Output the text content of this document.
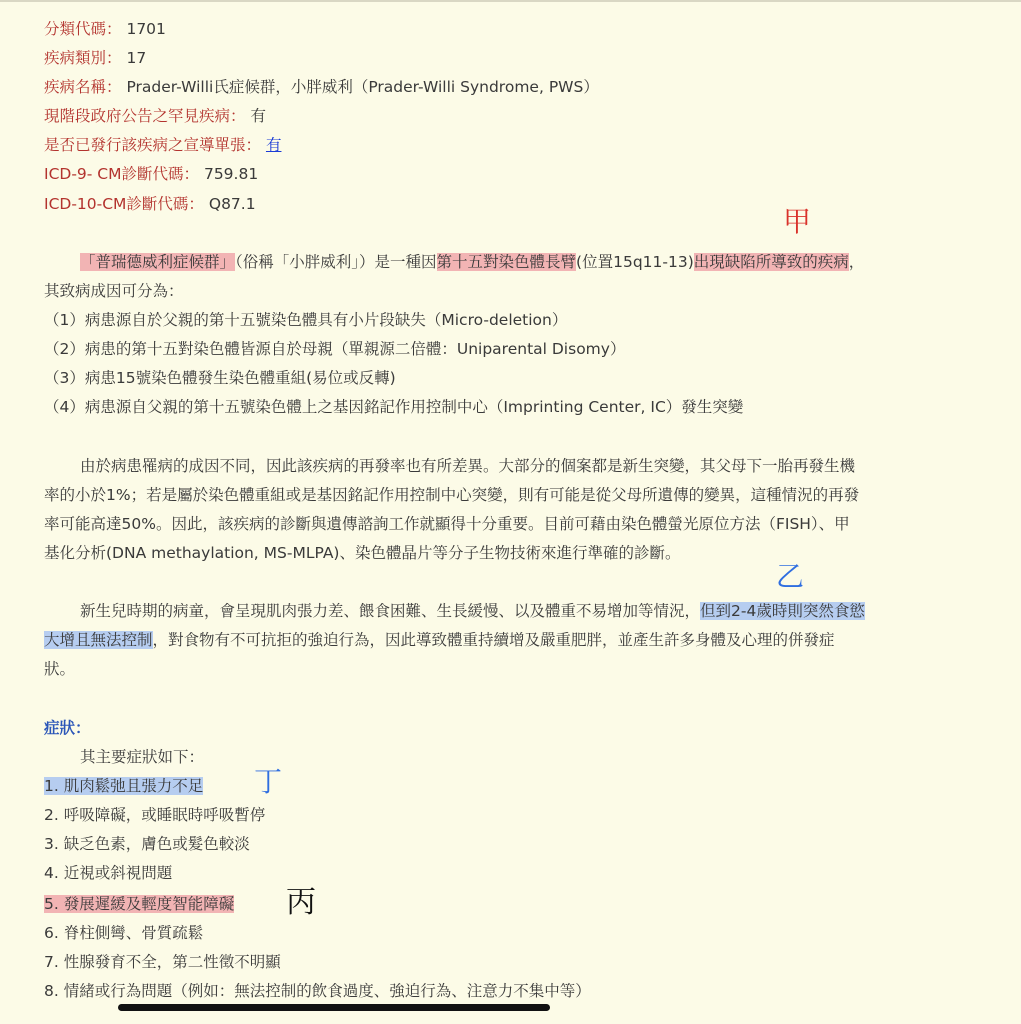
分類代碼： 1701
疾病類別： 17
疾病名稱： Prader-Willi氏症候群，小胖威利（Prader-Willi Syndrome, PWS）
現階段政府公告之罕見疾病： 有
是否已發行該疾病之宣導單張： 有
ICD-9- CM診斷代碼： 759.81
ICD-10-CM診斷代碼： Q87.1
「普瑞德威利症候群」（俗稱「小胖威利」）是一種因第十五對染色體長臂(位置15q11-13)出現缺陷所導致的疾病，
其致病成因可分為：
（1）病患源自於父親的第十五號染色體具有小片段缺失（Micro-deletion）
（2）病患的第十五對染色體皆源自於母親（單親源二倍體：Uniparental Disomy）
（3）病患15號染色體發生染色體重組(易位或反轉)
（4）病患源自父親的第十五號染色體上之基因銘記作用控制中心（Imprinting Center, IC）發生突變
由於病患罹病的成因不同，因此該疾病的再發率也有所差異。大部分的個案都是新生突變，其父母下一胎再發生機
率的小於1%；若是屬於染色體重組或是基因銘記作用控制中心突變，則有可能是從父母所遺傳的變異，這種情況的再發
率可能高達50%。因此，該疾病的診斷與遺傳諮詢工作就顯得十分重要。目前可藉由染色體螢光原位方法（FISH）、甲
基化分析(DNA methaylation, MS-MLPA)、染色體晶片等分子生物技術來進行準確的診斷。
新生兒時期的病童，會呈現肌肉張力差、餵食困難、生長緩慢、以及體重不易增加等情況，但到2-4歲時則突然食慾
大增且無法控制，對食物有不可抗拒的強迫行為，因此導致體重持續增及嚴重肥胖，並產生許多身體及心理的併發症
狀。
症狀：
其主要症狀如下：
1. 肌肉鬆弛且張力不足
2. 呼吸障礙，或睡眠時呼吸暫停
3. 缺乏色素，膚色或髮色較淡
4. 近視或斜視問題
5. 發展遲緩及輕度智能障礙
6. 脊柱側彎、骨質疏鬆
7. 性腺發育不全，第二性徵不明顯
8. 情緒或行為問題（例如：無法控制的飲食過度、強迫行為、注意力不集中等）
甲
乙
丁
丙
